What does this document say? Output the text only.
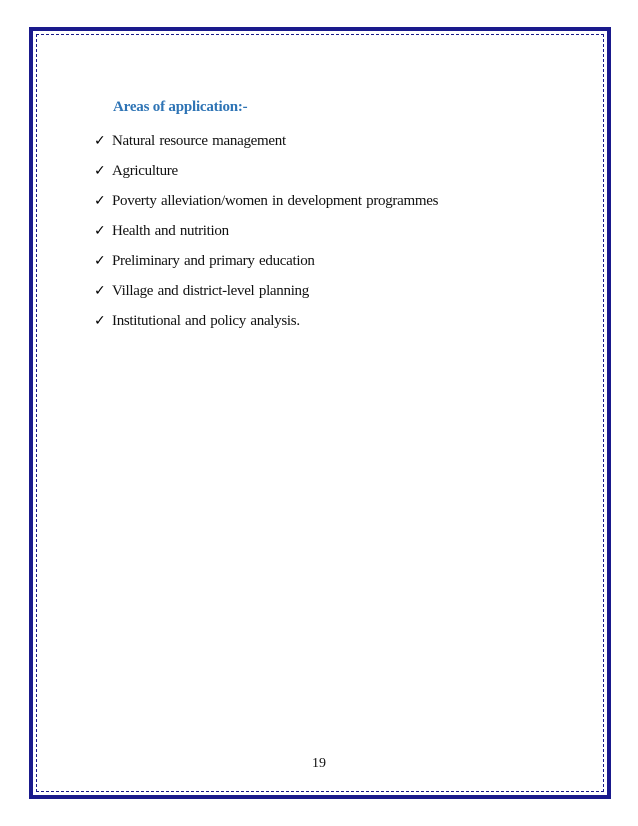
Areas of application:-
✓ Natural resource management
✓ Agriculture
✓ Poverty alleviation/women in development programmes
✓ Health and nutrition
✓ Preliminary and primary education
✓ Village and district-level planning
✓ Institutional and policy analysis.
19
